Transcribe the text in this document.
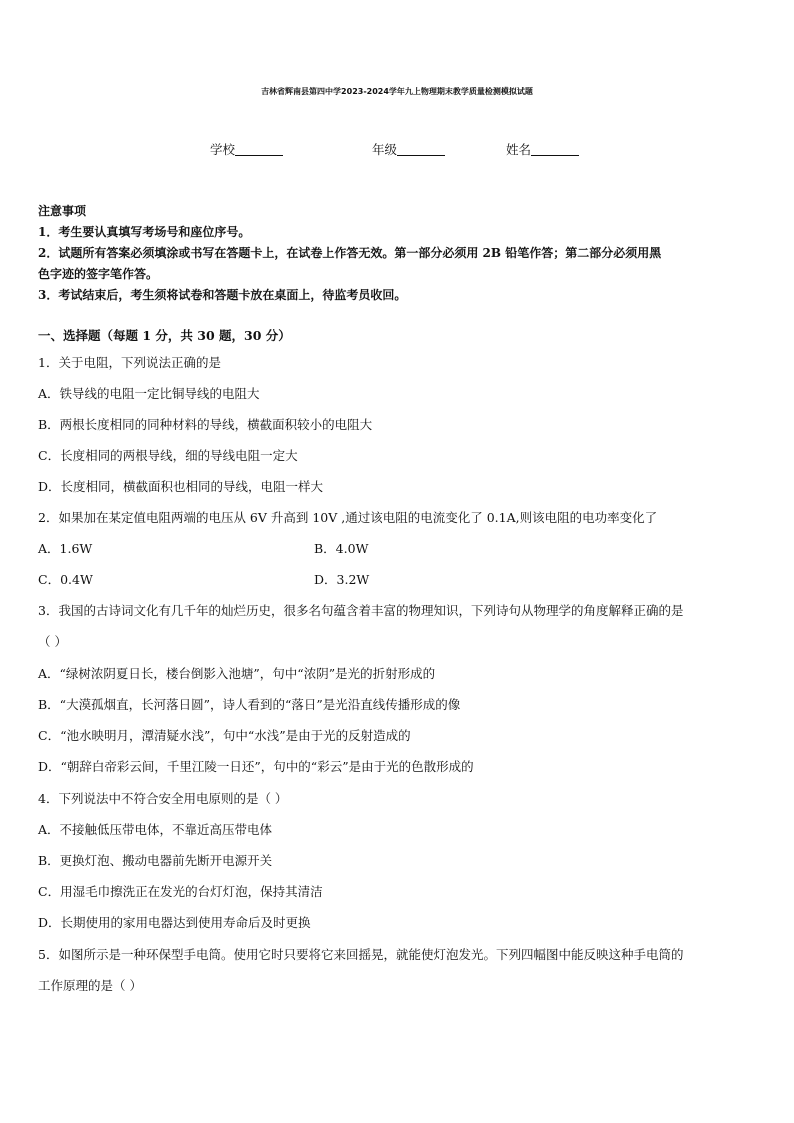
吉林省辉南县第四中学2023-2024学年九上物理期末教学质量检测模拟试题
学校	年级	姓名
注意事项
1．考生要认真填写考场号和座位序号。
2．试题所有答案必须填涂或书写在答题卡上，在试卷上作答无效。第一部分必须用 2B 铅笔作答；第二部分必须用黑
色字迹的签字笔作答。
3．考试结束后，考生须将试卷和答题卡放在桌面上，待监考员收回。
一、选择题（每题 1 分，共 30 题，30 分）
1．关于电阻，下列说法正确的是
A．铁导线的电阻一定比铜导线的电阻大
B．两根长度相同的同种材料的导线，横截面积较小的电阻大
C．长度相同的两根导线，细的导线电阻一定大
D．长度相同，横截面积也相同的导线，电阻一样大
2．如果加在某定值电阻两端的电压从 6V 升高到 10V ,通过该电阻的电流变化了 0.1A,则该电阻的电功率变化了
A．1.6W	B．4.0W
C．0.4W	D．3.2W
3．我国的古诗词文化有几千年的灿烂历史，很多名句蕴含着丰富的物理知识，下列诗句从物理学的角度解释正确的是
（ ）
A．“绿树浓阴夏日长，楼台倒影入池塘”，句中“浓阴”是光的折射形成的
B．“大漠孤烟直，长河落日圆”，诗人看到的“落日”是光沿直线传播形成的像
C．“池水映明月，潭清疑水浅”，句中“水浅”是由于光的反射造成的
D．“朝辞白帝彩云间，千里江陵一日还”，句中的“彩云”是由于光的色散形成的
4．下列说法中不符合安全用电原则的是（ ）
A．不接触低压带电体，不靠近高压带电体
B．更换灯泡、搬动电器前先断开电源开关
C．用湿毛巾擦洗正在发光的台灯灯泡，保持其清洁
D．长期使用的家用电器达到使用寿命后及时更换
5．如图所示是一种环保型手电筒。使用它时只要将它来回摇晃，就能使灯泡发光。下列四幅图中能反映这种手电筒的
工作原理的是（ ）
